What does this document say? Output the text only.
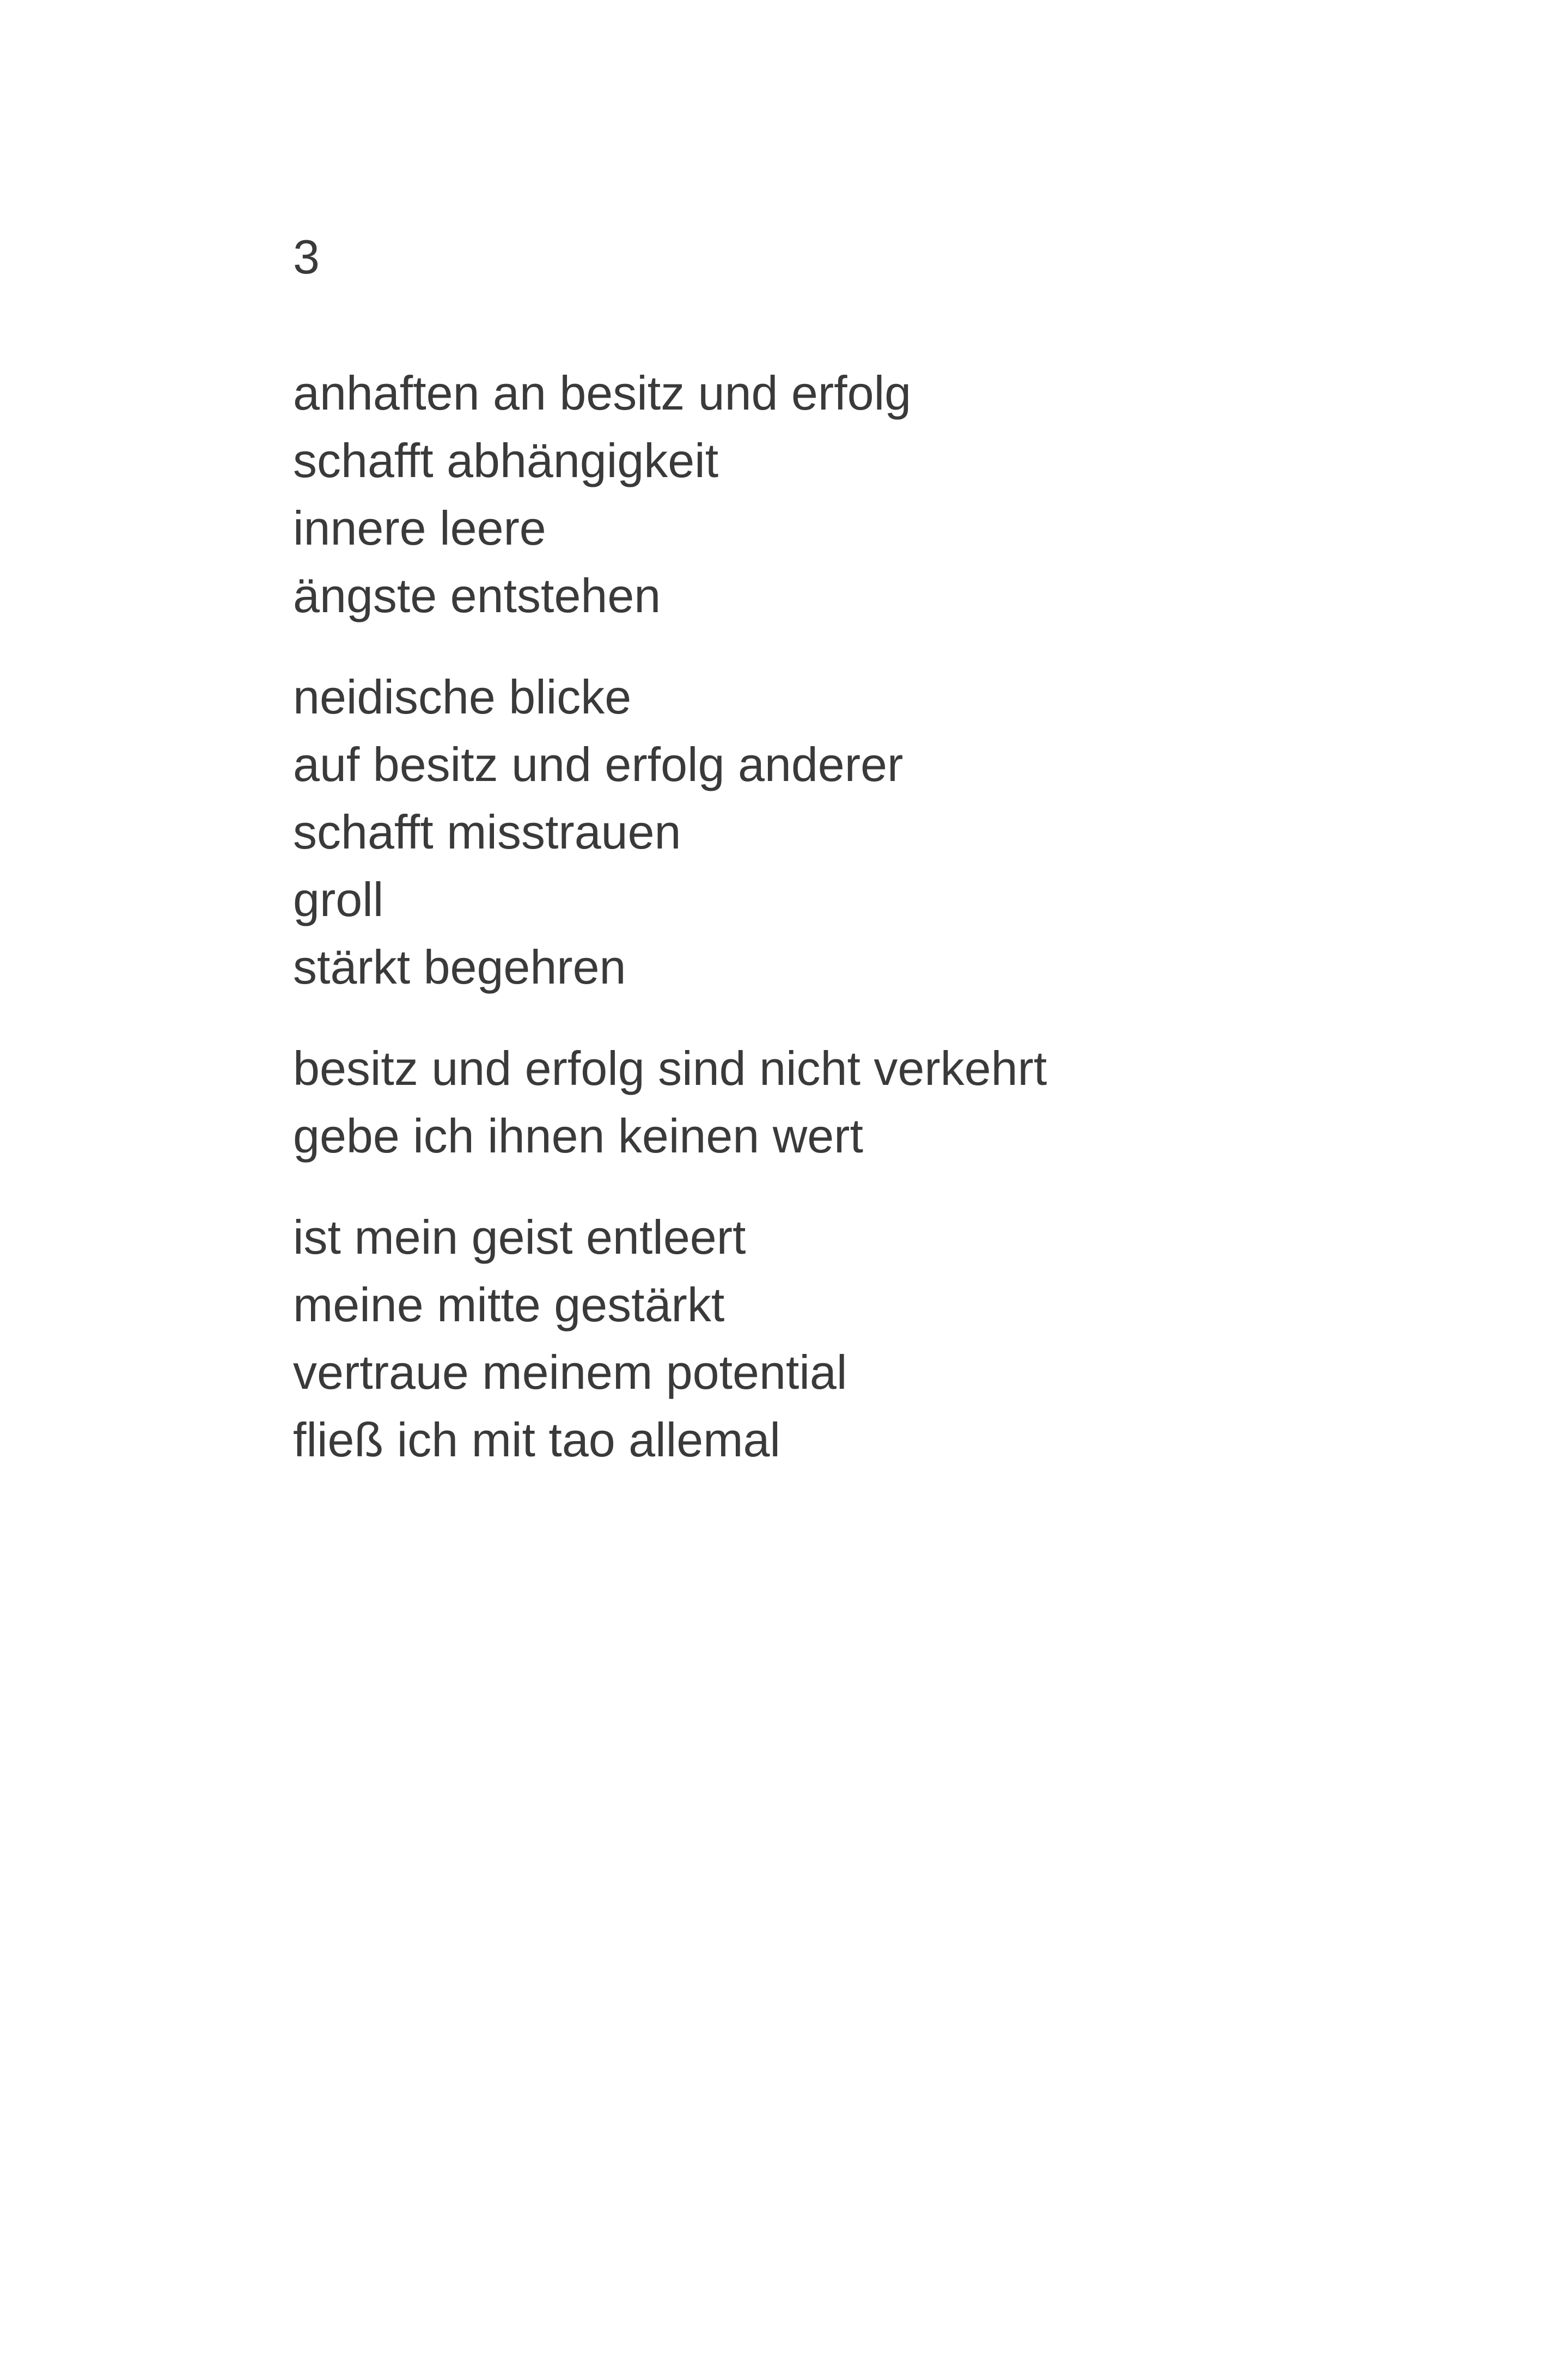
3
anhaften an besitz und erfolg
schafft abhängigkeit
innere leere
ängste entstehen
neidische blicke
auf besitz und erfolg anderer
schafft misstrauen
groll
stärkt begehren
besitz und erfolg sind nicht verkehrt
gebe ich ihnen keinen wert
ist mein geist entleert
meine mitte gestärkt
vertraue meinem potential
fließ ich mit tao allemal
